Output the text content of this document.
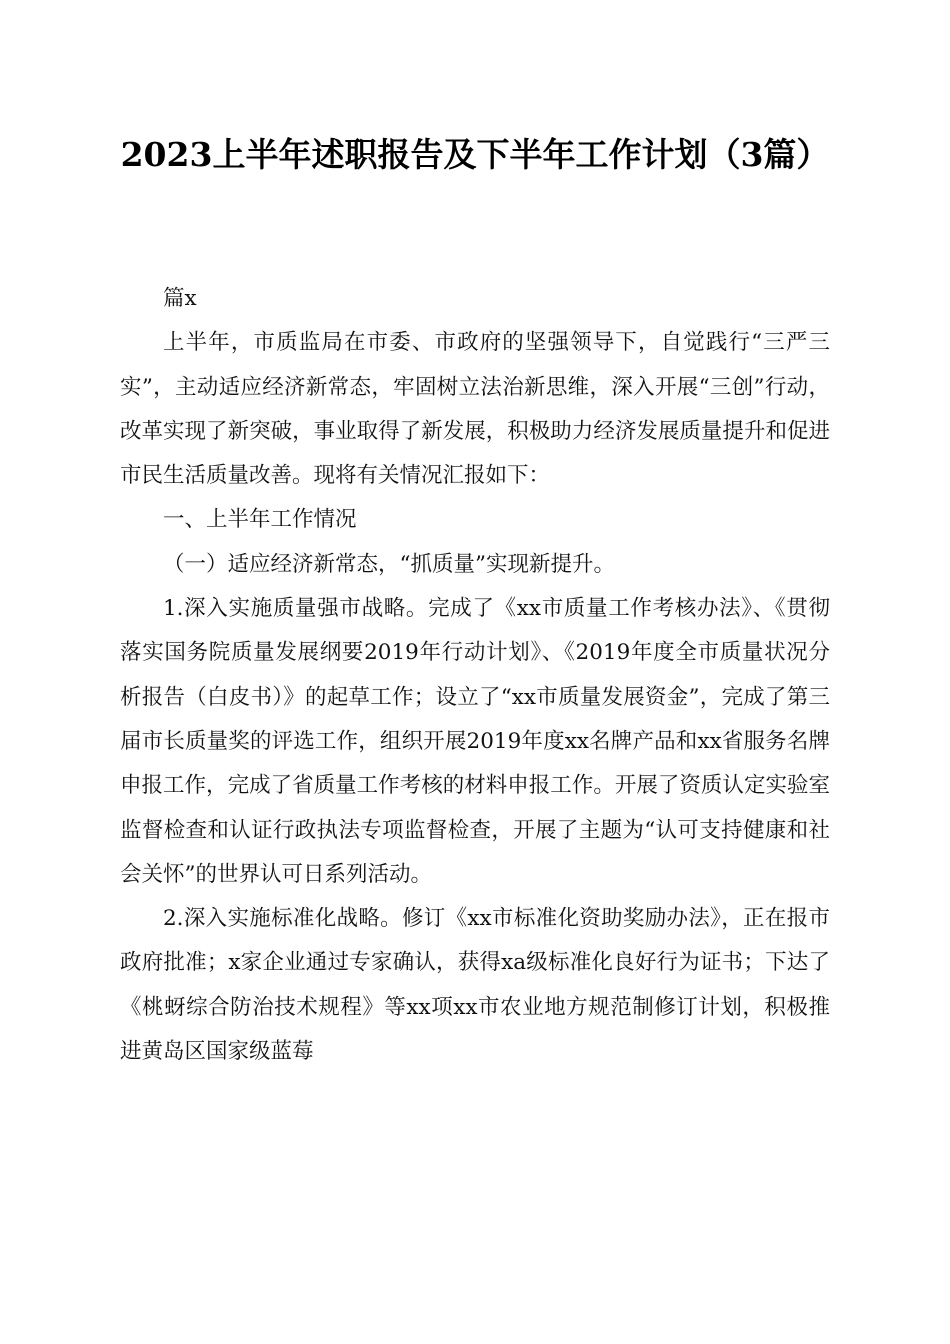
2023上半年述职报告及下半年工作计划（3篇）

篇x

上半年，市质监局在市委、市政府的坚强领导下，自觉践行“三严三实”，主动适应经济新常态，牢固树立法治新思维，深入开展“三创”行动，改革实现了新突破，事业取得了新发展，积极助力经济发展质量提升和促进市民生活质量改善。现将有关情况汇报如下：

一、上半年工作情况

（一）适应经济新常态，“抓质量”实现新提升。

1.深入实施质量强市战略。完成了《xx市质量工作考核办法》、《贯彻落实国务院质量发展纲要2019年行动计划》、《2019年度全市质量状况分析报告（白皮书）》的起草工作；设立了“xx市质量发展资金”，完成了第三届市长质量奖的评选工作，组织开展2019年度xx名牌产品和xx省服务名牌申报工作，完成了省质量工作考核的材料申报工作。开展了资质认定实验室监督检查和认证行政执法专项监督检查，开展了主题为“认可支持健康和社会关怀”的世界认可日系列活动。

2.深入实施标准化战略。修订《xx市标准化资助奖励办法》，正在报市政府批准；x家企业通过专家确认，获得xa级标准化良好行为证书；下达了《桃蚜综合防治技术规程》等xx项xx市农业地方规范制修订计划，积极推进黄岛区国家级蓝莓
